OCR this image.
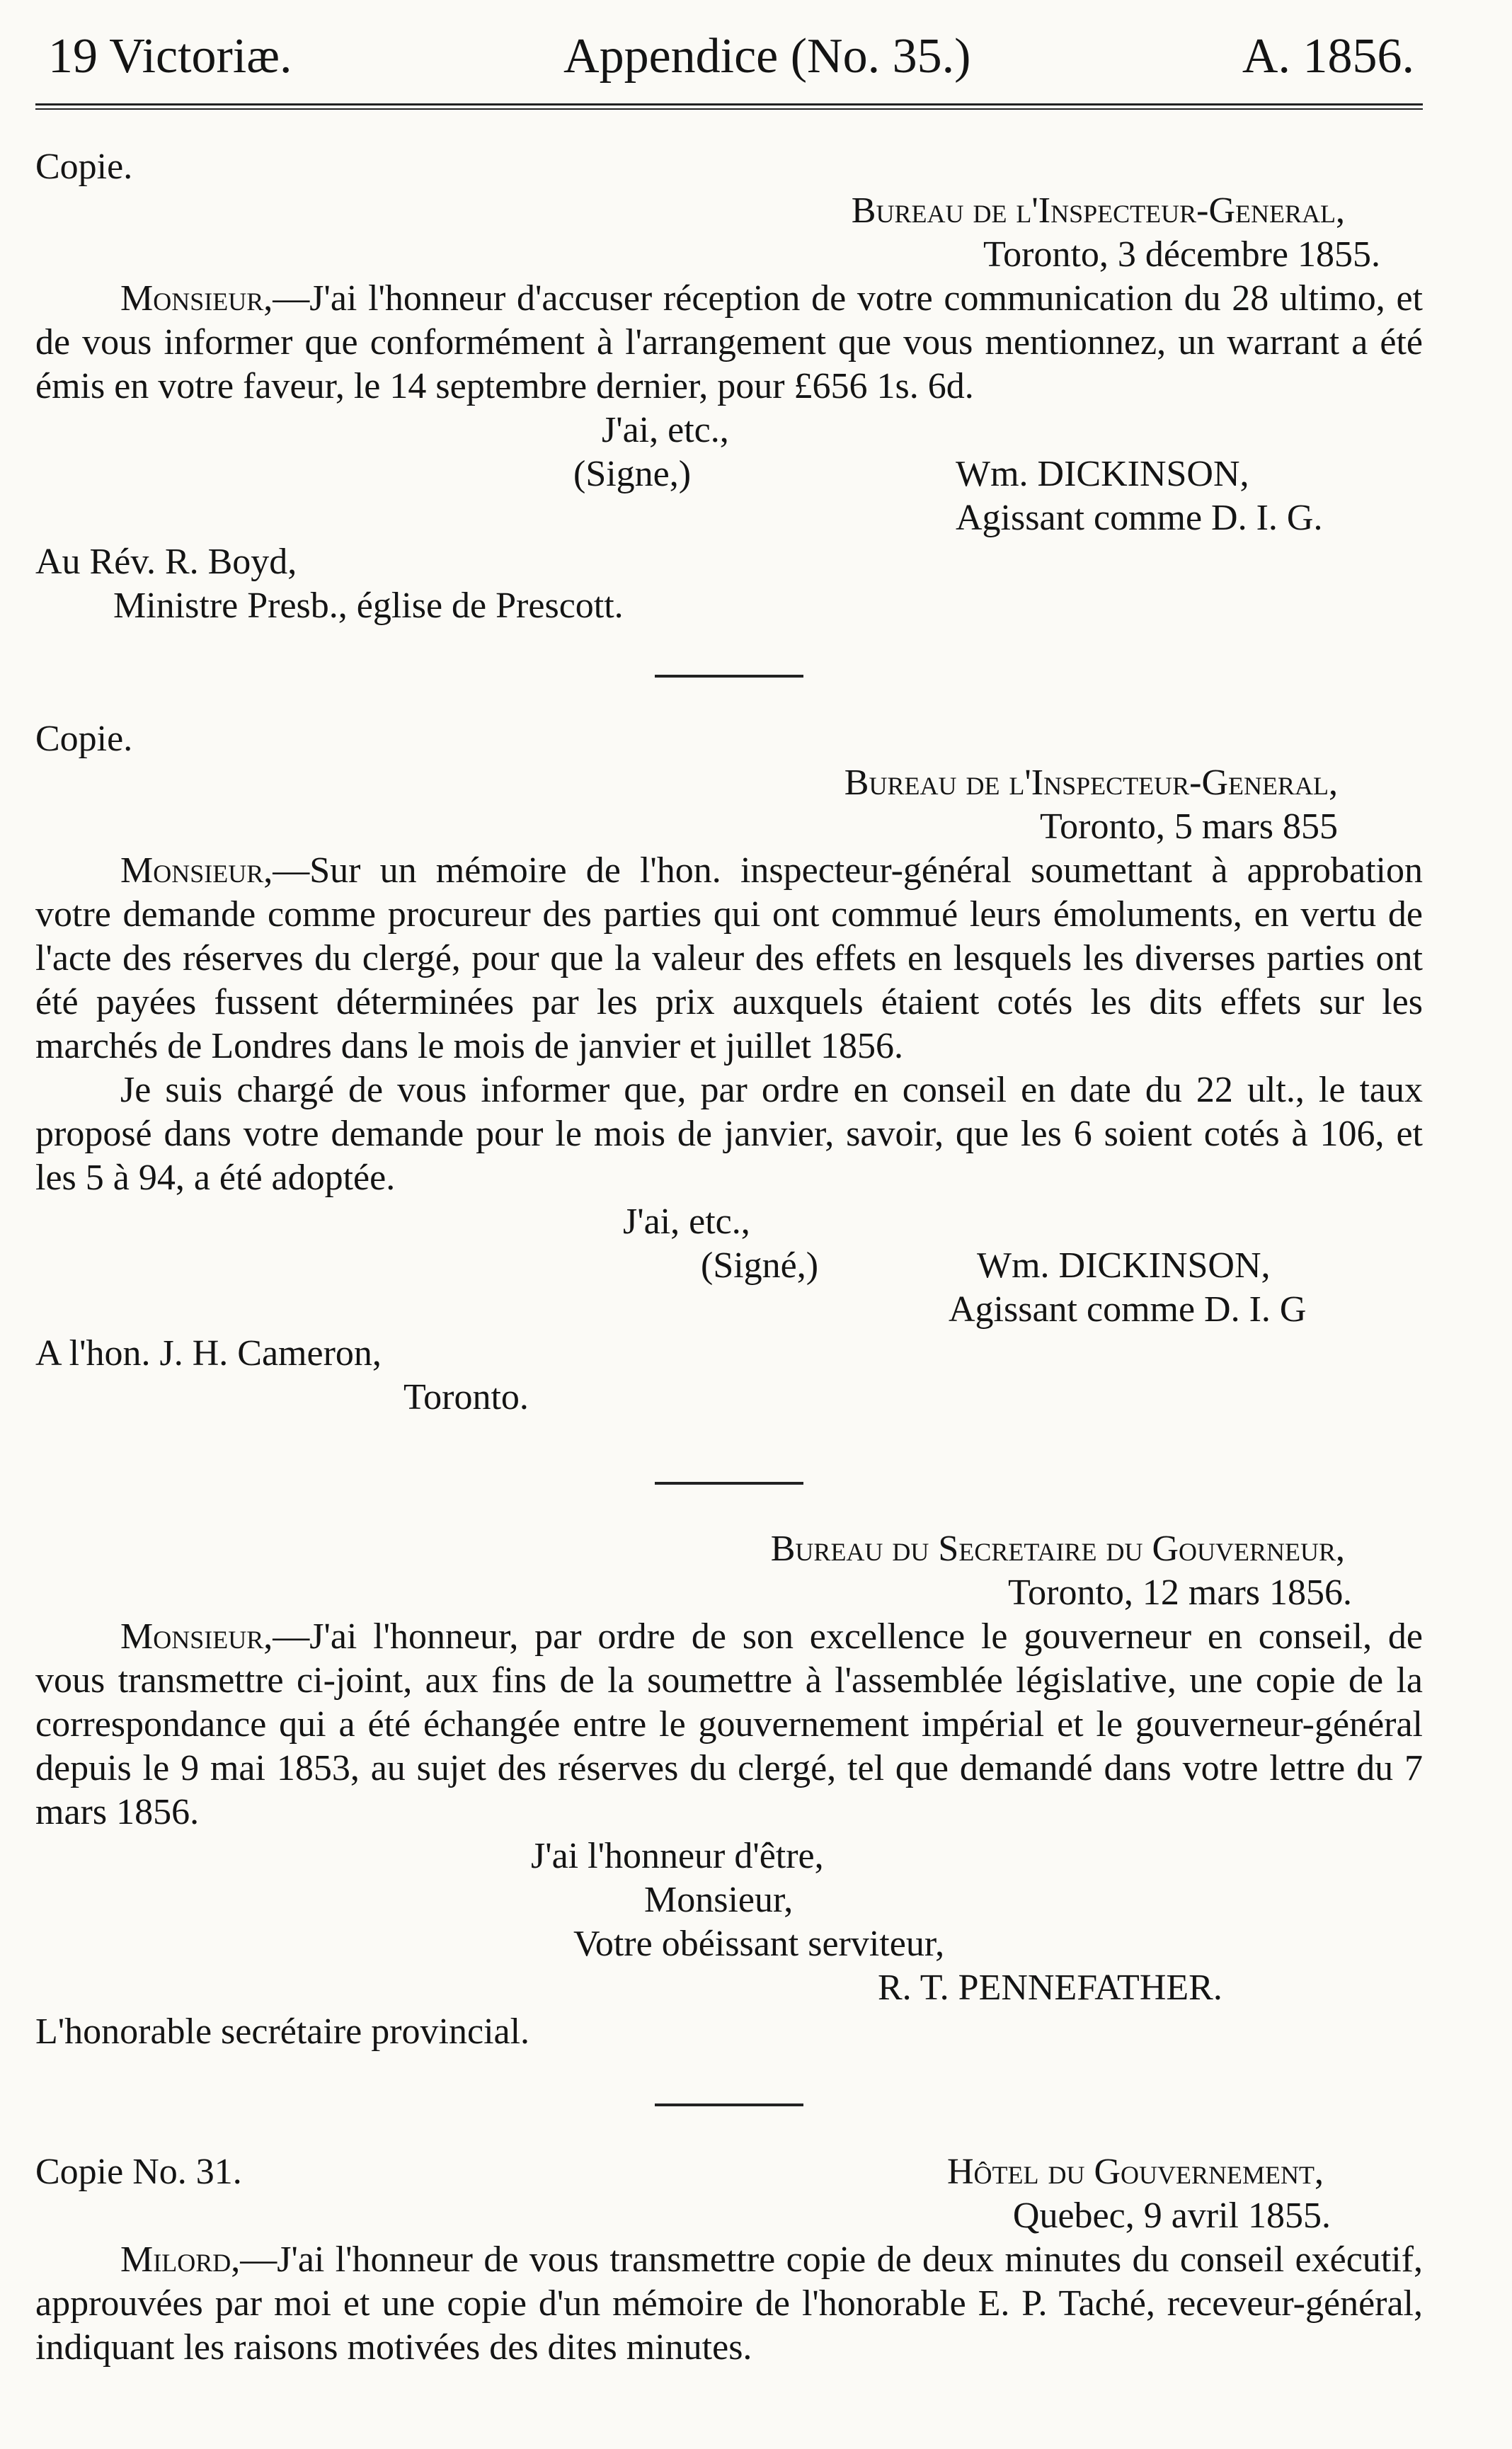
19 Victoriæ.	Appendice (No. 35.)	A. 1856.
Copie.
Bureau de l'Inspecteur-General,
Toronto, 3 décembre 1855.
Monsieur,—J'ai l'honneur d'accuser réception de votre communication du 28 ultimo, et de vous informer que conformément à l'arrangement que vous mentionnez, un warrant a été émis en votre faveur, le 14 septembre dernier, pour £656 1s. 6d.
J'ai, etc.,
(Signe,)	Wm. DICKINSON,
Agissant comme D. I. G.
Au Rév. R. Boyd,
Ministre Presb., église de Prescott.
Copie.
Bureau de l'Inspecteur-General,
Toronto, 5 mars 855
Monsieur,—Sur un mémoire de l'hon. inspecteur-général soumettant à approbation votre demande comme procureur des parties qui ont commué leurs émoluments, en vertu de l'acte des réserves du clergé, pour que la valeur des effets en lesquels les diverses parties ont été payées fussent déterminées par les prix auxquels étaient cotés les dits effets sur les marchés de Londres dans le mois de janvier et juillet 1856.
Je suis chargé de vous informer que, par ordre en conseil en date du 22 ult., le taux proposé dans votre demande pour le mois de janvier, savoir, que les 6 soient cotés à 106, et les 5 à 94, a été adoptée.
J'ai, etc.,
(Signé,)	Wm. DICKINSON,
Agissant comme D. I. G
A l'hon. J. H. Cameron,
Toronto.
Bureau du Secretaire du Gouverneur,
Toronto, 12 mars 1856.
Monsieur,—J'ai l'honneur, par ordre de son excellence le gouverneur en conseil, de vous transmettre ci-joint, aux fins de la soumettre à l'assemblée législative, une copie de la correspondance qui a été échangée entre le gouvernement impérial et le gouverneur-général depuis le 9 mai 1853, au sujet des réserves du clergé, tel que demandé dans votre lettre du 7 mars 1856.
J'ai l'honneur d'être,
Monsieur,
Votre obéissant serviteur,
R. T. PENNEFATHER.
L'honorable secrétaire provincial.
Copie No. 31.	Hôtel du Gouvernement,
Quebec, 9 avril 1855.
Milord,—J'ai l'honneur de vous transmettre copie de deux minutes du conseil exécutif, approuvées par moi et une copie d'un mémoire de l'honorable E. P. Taché, receveur-général, indiquant les raisons motivées des dites minutes.
